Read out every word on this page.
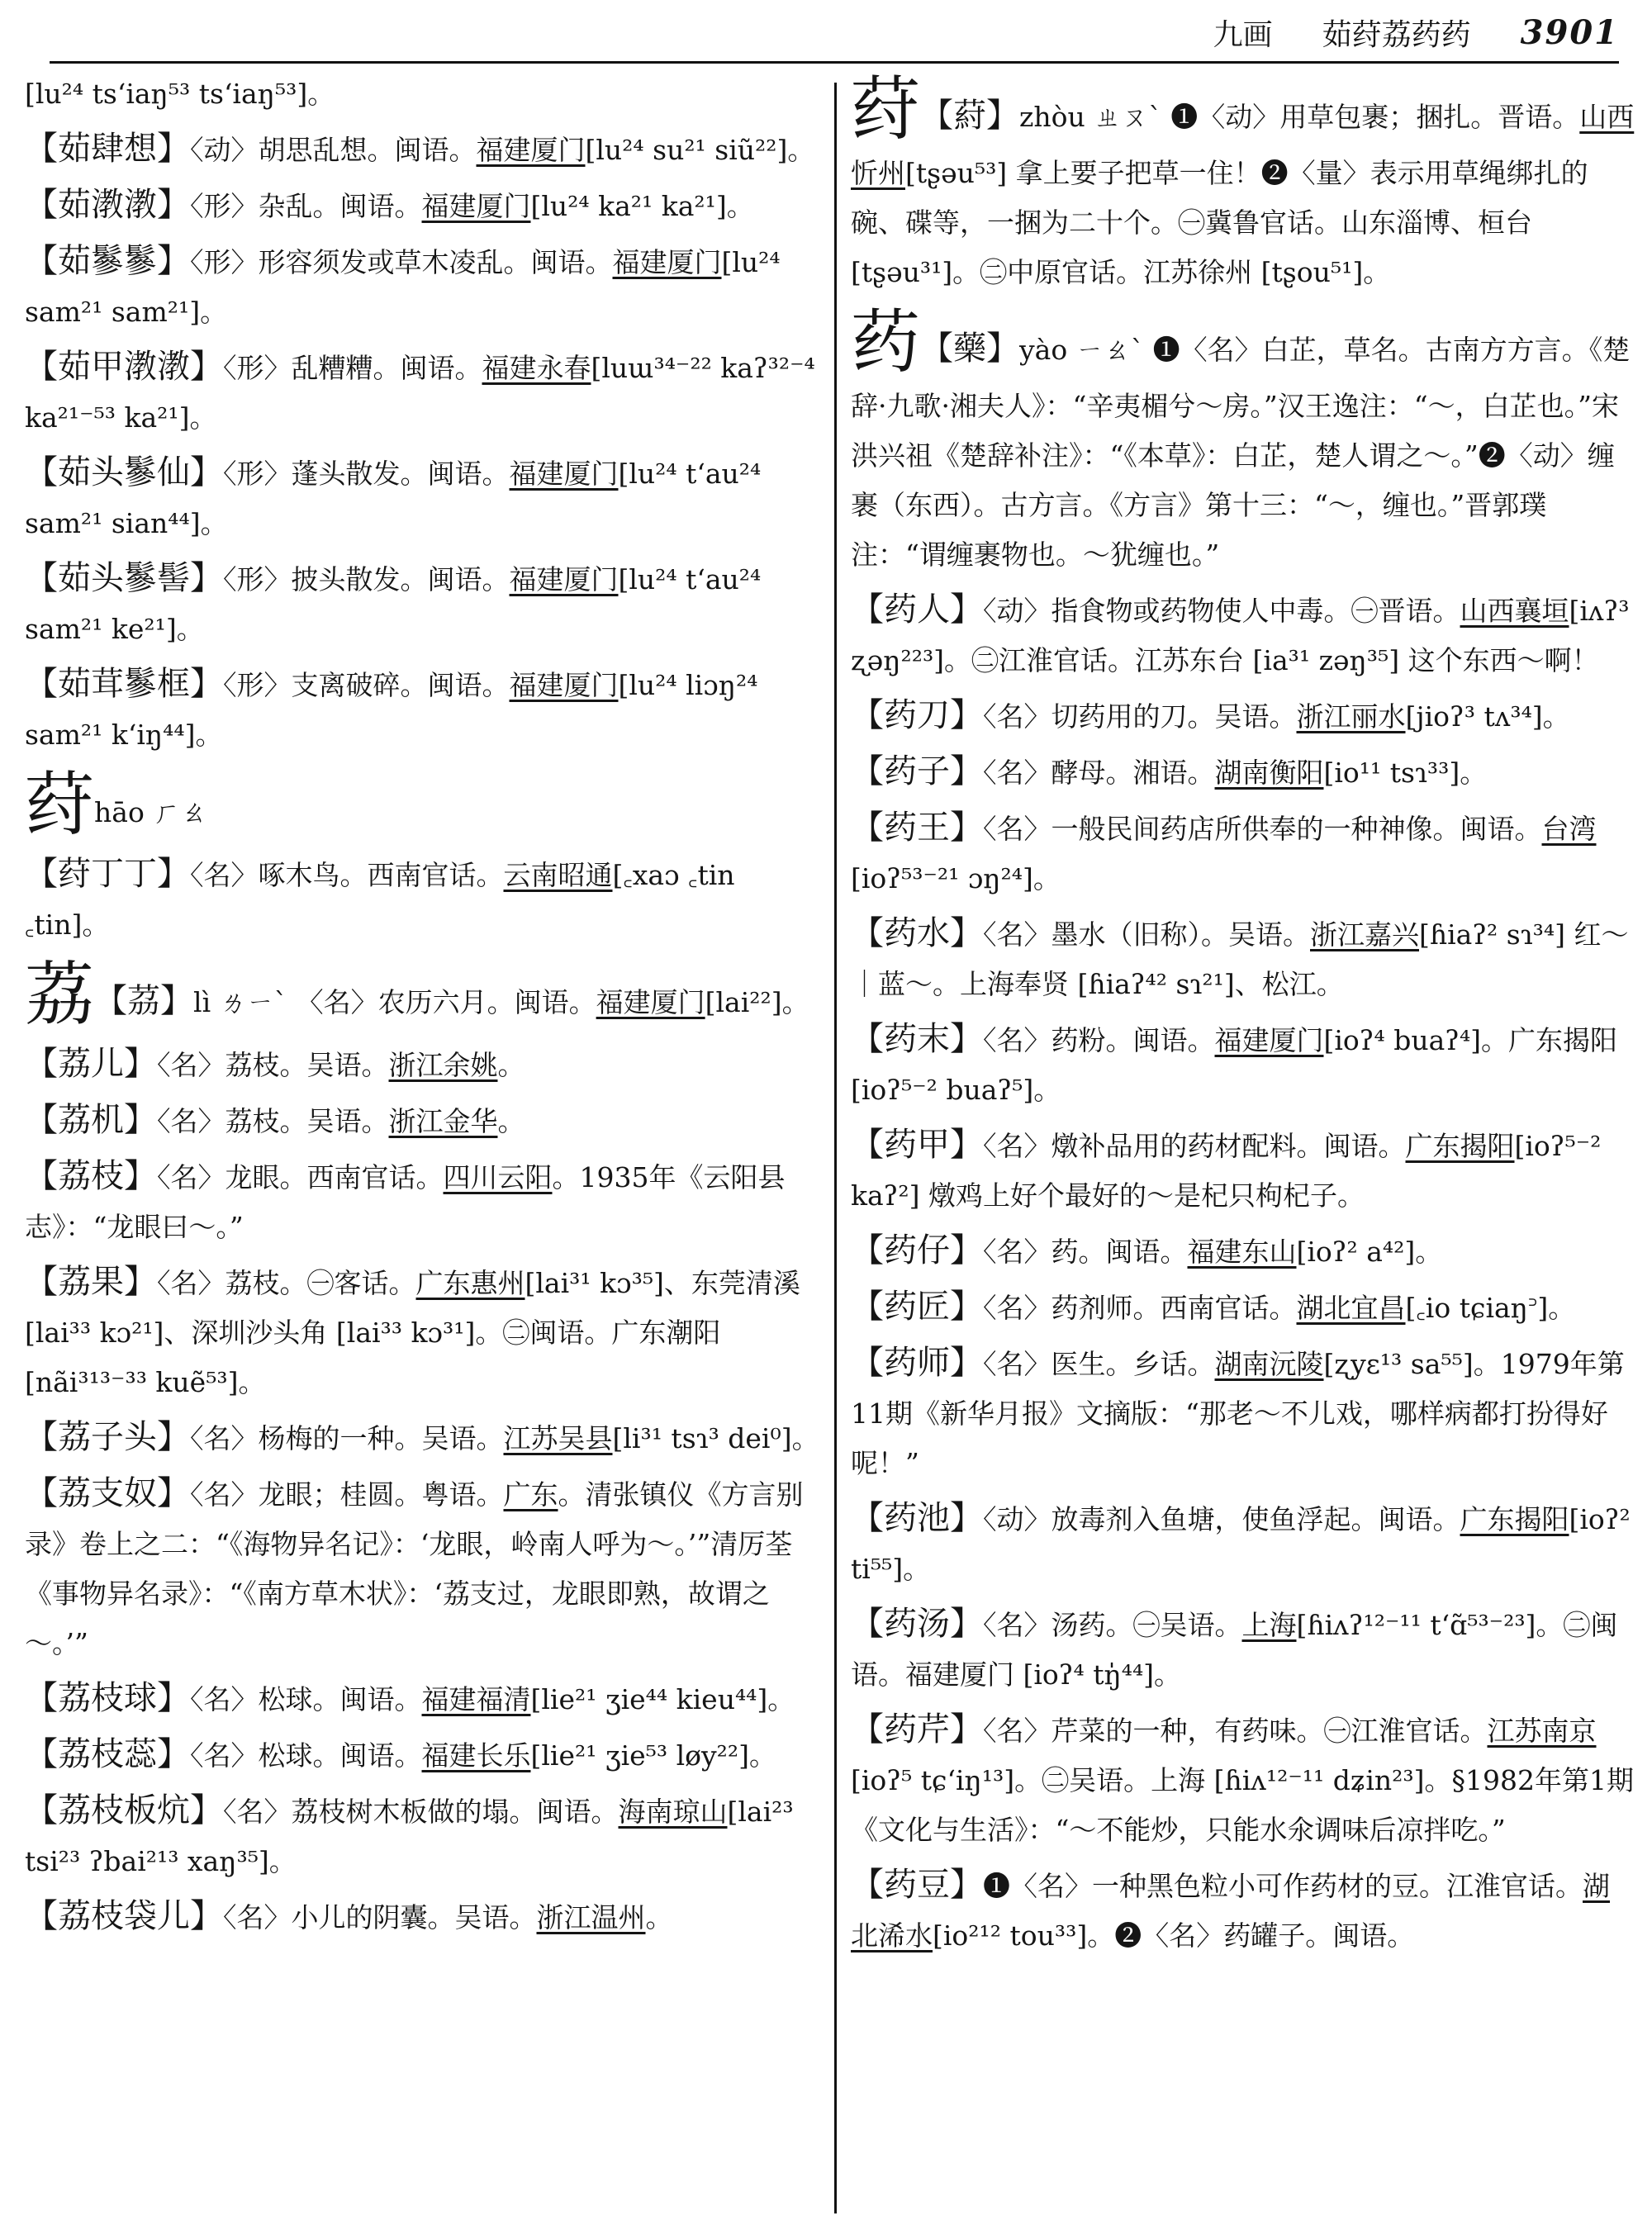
九画 茹荮荔药药 3901

[lu²⁴ tsʻiaŋ⁵³ tsʻiaŋ⁵³]。

【茹肆想】〈动〉胡思乱想。闽语。福建厦门[lu²⁴ su²¹ siũ²²]。

【茹漖漖】〈形〉杂乱。闽语。福建厦门[lu²⁴ ka²¹ ka²¹]。

【茹鬖鬖】〈形〉形容须发或草木凌乱。闽语。福建厦门[lu²⁴ sam²¹ sam²¹]。

【茹甲漖漖】〈形〉乱糟糟。闽语。福建永春[luɯ³⁴⁻²² kaʔ³²⁻⁴ ka²¹⁻⁵³ ka²¹]。

【茹头鬖仙】〈形〉蓬头散发。闽语。福建厦门[lu²⁴ tʻau²⁴ sam²¹ sian⁴⁴]。

【茹头鬖髻】〈形〉披头散发。闽语。福建厦门[lu²⁴ tʻau²⁴ sam²¹ ke²¹]。

【茹茸鬖框】〈形〉支离破碎。闽语。福建厦门[lu²⁴ liɔŋ²⁴ sam²¹ kʻiŋ⁴⁴]。

荮hāo ㄏㄠ

【荮丁丁】〈名〉啄木鸟。西南官话。云南昭通[꜀xaɔ ꜀tin ꜀tin]。

荔【茘】lì ㄌㄧˋ 〈名〉农历六月。闽语。福建厦门[lai²²]。

【荔儿】〈名〉荔枝。吴语。浙江余姚。

【荔机】〈名〉荔枝。吴语。浙江金华。

【荔枝】〈名〉龙眼。西南官话。四川云阳。1935年《云阳县志》：“龙眼曰～。”

【荔果】〈名〉荔枝。㊀客话。广东惠州[lai³¹ kɔ³⁵]、东莞清溪 [lai³³ kɔ²¹]、深圳沙头角 [lai³³ kɔ³¹]。㊁闽语。广东潮阳 [nãi³¹³⁻³³ kuẽ⁵³]。

【荔子头】〈名〉杨梅的一种。吴语。江苏吴县[li³¹ tsɿ³ dei⁰]。

【荔支奴】〈名〉龙眼；桂圆。粤语。广东。清张镇仪《方言别录》卷上之二：“《海物异名记》：‘龙眼，岭南人呼为～。’”清厉荃《事物异名录》：“《南方草木状》：‘荔支过，龙眼即熟，故谓之～。’”

【荔枝球】〈名〉松球。闽语。福建福清[lie²¹ ʒie⁴⁴ kieu⁴⁴]。

【荔枝蕊】〈名〉松球。闽语。福建长乐[lie²¹ ʒie⁵³ løy²²]。

【荔枝板炕】〈名〉荔枝树木板做的塌。闽语。海南琼山[lai²³ tsi²³ ʔbai²¹³ xaŋ³⁵]。

【荔枝袋儿】〈名〉小儿的阴囊。吴语。浙江温州。

荮【葤】zhòu ㄓㄡˋ ❶〈动〉用草包裹；捆扎。晋语。山西忻州[tʂəu⁵³] 拿上要子把草一住！❷〈量〉表示用草绳绑扎的碗、碟等，一捆为二十个。㊀冀鲁官话。山东淄博、桓台 [tʂəu³¹]。㊁中原官话。江苏徐州 [tʂou⁵¹]。

药【藥】yào ㄧㄠˋ ❶〈名〉白芷，草名。古南方方言。《楚辞·九歌·湘夫人》：“辛夷楣兮～房。”汉王逸注：“～，白芷也。”宋洪兴祖《楚辞补注》：“《本草》：白芷，楚人谓之～。”❷〈动〉缠裹（东西）。古方言。《方言》第十三：“～，缠也。”晋郭璞注：“谓缠裹物也。～犹缠也。”

【药人】〈动〉指食物或药物使人中毒。㊀晋语。山西襄垣[iʌʔ³ ʐəŋ²²³]。㊁江淮官话。江苏东台 [ia³¹ zəŋ³⁵] 这个东西～啊！

【药刀】〈名〉切药用的刀。吴语。浙江丽水[jioʔ³ tʌ³⁴]。

【药子】〈名〉酵母。湘语。湖南衡阳[io¹¹ tsɿ³³]。

【药王】〈名〉一般民间药店所供奉的一种神像。闽语。台湾[ioʔ⁵³⁻²¹ ɔŋ²⁴]。

【药水】〈名〉墨水（旧称）。吴语。浙江嘉兴[ɦiaʔ² sɿ³⁴] 红～｜蓝～。上海奉贤 [ɦiaʔ⁴² sɿ²¹]、松江。

【药末】〈名〉药粉。闽语。福建厦门[ioʔ⁴ buaʔ⁴]。广东揭阳 [ioʔ⁵⁻² buaʔ⁵]。

【药甲】〈名〉燉补品用的药材配料。闽语。广东揭阳[ioʔ⁵⁻² kaʔ²] 燉鸡上好个最好的～是杞只枸杞子。

【药仔】〈名〉药。闽语。福建东山[ioʔ² a⁴²]。

【药匠】〈名〉药剂师。西南官话。湖北宜昌[꜀io tɕiaŋ꜄]。

【药师】〈名〉医生。乡话。湖南沅陵[ʐyɛ¹³ sa⁵⁵]。1979年第11期《新华月报》文摘版：“那老～不儿戏，哪样病都打扮得好呢！”

【药池】〈动〉放毒剂入鱼塘，使鱼浮起。闽语。广东揭阳[ioʔ² ti⁵⁵]。

【药汤】〈名〉汤药。㊀吴语。上海[ɦiʌʔ¹²⁻¹¹ tʻɑ̃⁵³⁻²³]。㊁闽语。福建厦门 [ioʔ⁴ tŋ̍⁴⁴]。

【药芹】〈名〉芹菜的一种，有药味。㊀江淮官话。江苏南京[ioʔ⁵ tɕʻiŋ¹³]。㊁吴语。上海 [ɦiʌ¹²⁻¹¹ dʑin²³]。§1982年第1期《文化与生活》：“～不能炒，只能水氽调味后凉拌吃。”

【药豆】❶〈名〉一种黑色粒小可作药材的豆。江淮官话。湖北浠水[io²¹² tou³³]。❷〈名〉药罐子。闽语。
